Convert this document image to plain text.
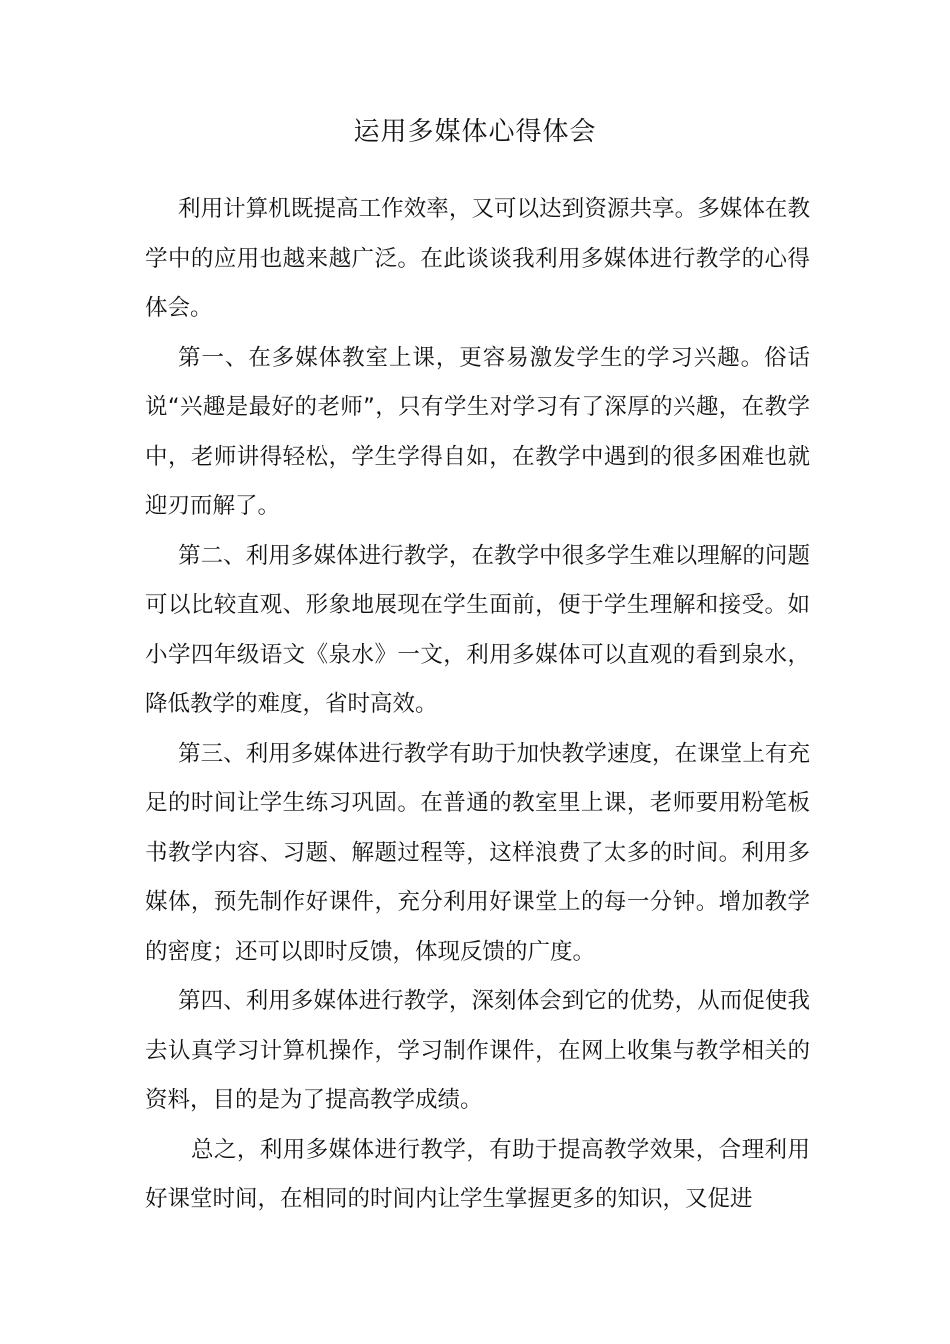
运用多媒体心得体会

利用计算机既提高工作效率，又可以达到资源共享。多媒体在教学中的应用也越来越广泛。在此谈谈我利用多媒体进行教学的心得体会。

第一、在多媒体教室上课，更容易激发学生的学习兴趣。俗话说“兴趣是最好的老师”，只有学生对学习有了深厚的兴趣，在教学中，老师讲得轻松，学生学得自如，在教学中遇到的很多困难也就迎刃而解了。

第二、利用多媒体进行教学，在教学中很多学生难以理解的问题可以比较直观、形象地展现在学生面前，便于学生理解和接受。如小学四年级语文《泉水》一文，利用多媒体可以直观的看到泉水，降低教学的难度，省时高效。

第三、利用多媒体进行教学有助于加快教学速度，在课堂上有充足的时间让学生练习巩固。在普通的教室里上课，老师要用粉笔板书教学内容、习题、解题过程等，这样浪费了太多的时间。利用多媒体，预先制作好课件，充分利用好课堂上的每一分钟。增加教学的密度；还可以即时反馈，体现反馈的广度。

第四、利用多媒体进行教学，深刻体会到它的优势，从而促使我去认真学习计算机操作，学习制作课件，在网上收集与教学相关的资料，目的是为了提高教学成绩。

总之，利用多媒体进行教学，有助于提高教学效果，合理利用好课堂时间，在相同的时间内让学生掌握更多的知识，又促进
